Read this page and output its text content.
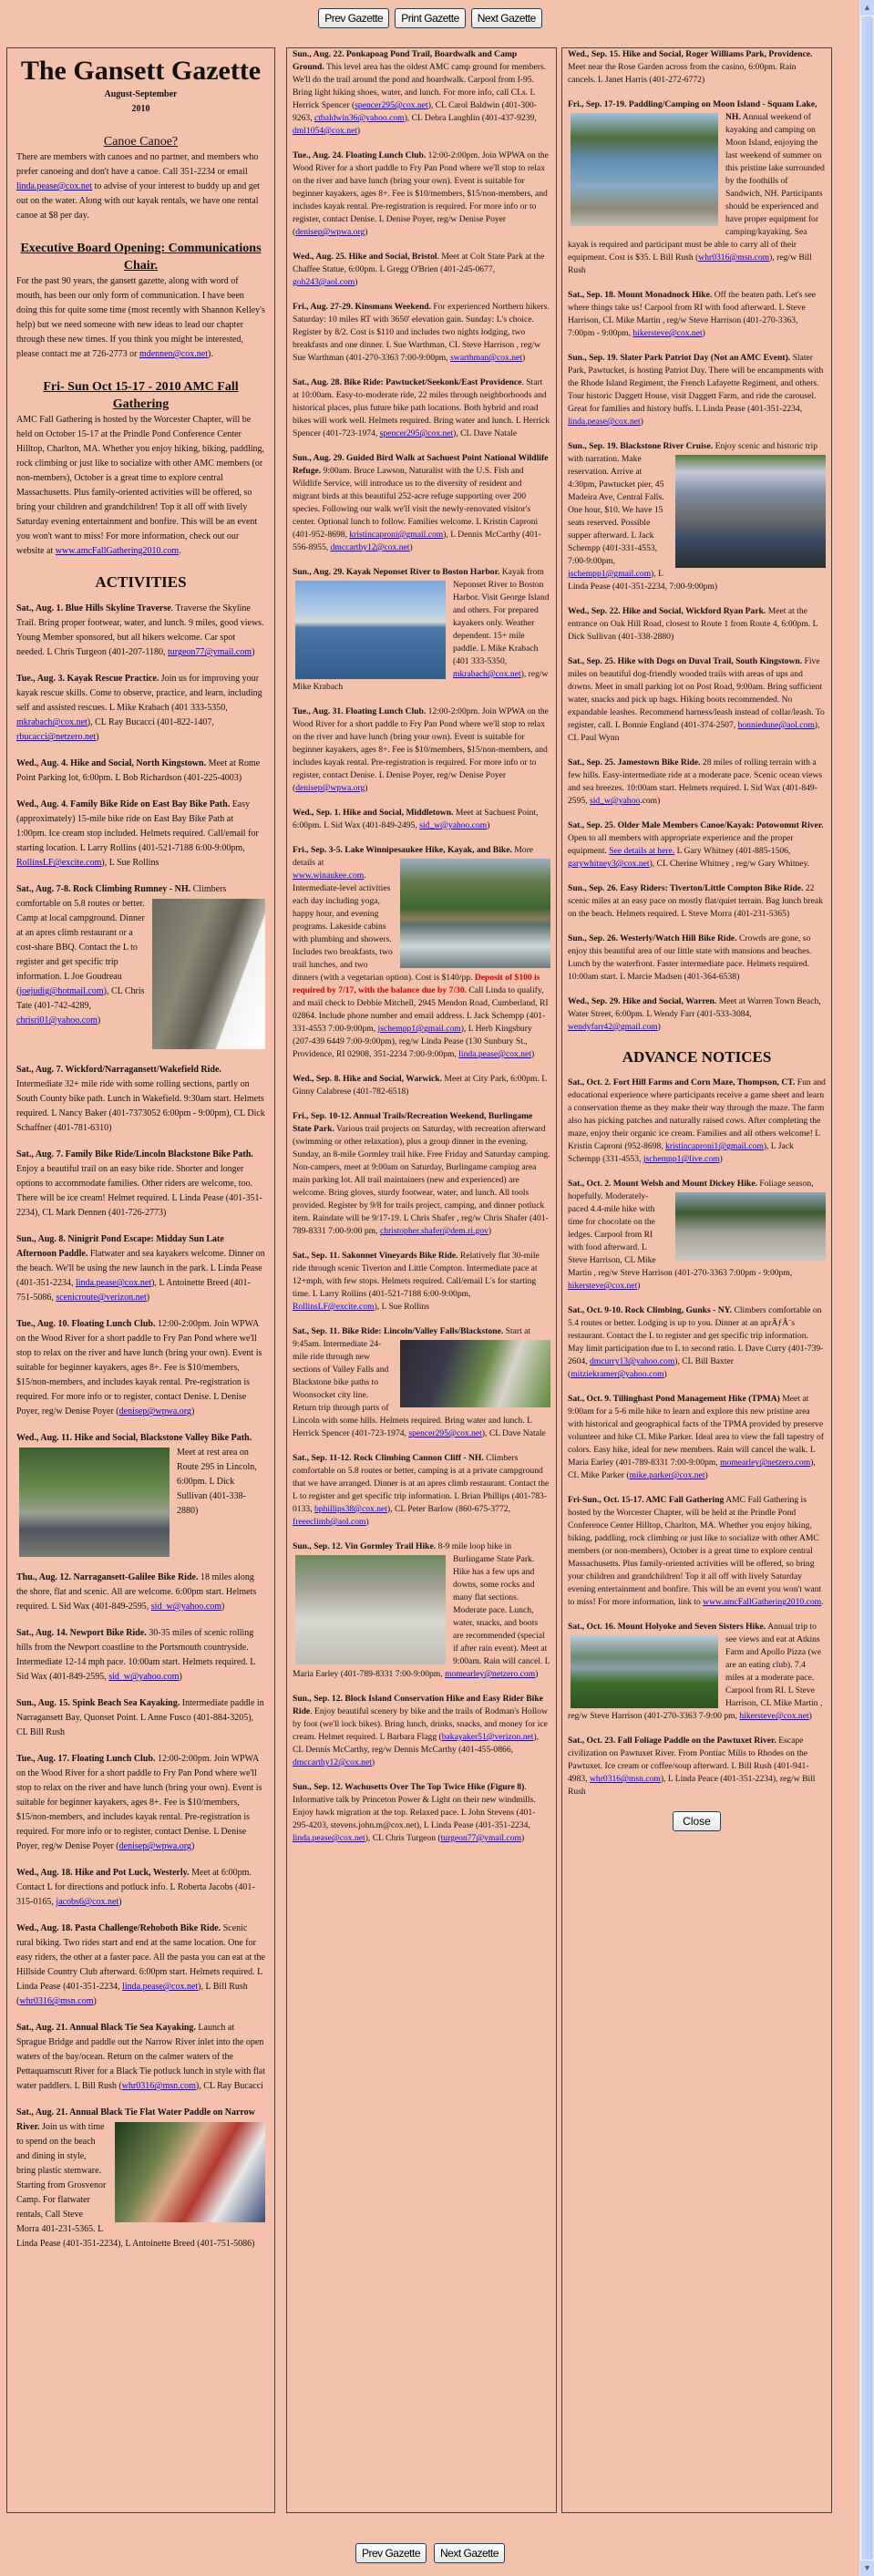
Prev Gazette	Print Gazette	Next Gazette
The Gansett Gazette

August-September

2010

Canoe Canoe?

There are members with canoes and no partner, and members who prefer canoeing and don't have a canoe. Call 351-2234 or email linda.pease@cox.net to advise of your interest to buddy up and get out on the water. Along with our kayak rentals, we have one rental canoe at $8 per day.

Executive Board Opening: Communications Chair.

For the past 90 years, the gansett gazette, along with word of mouth, has been our only form of communication. I have been doing this for quite some time (most recently with Shannon Kelley's help) but we need someone with new ideas to lead our chapter through these new times. If you think you might be interested, please contact me at 726-2773 or mdennen@cox.net).

Fri- Sun Oct 15-17 - 2010 AMC Fall Gathering

AMC Fall Gathering is hosted by the Worcester Chapter, will be held on October 15-17 at the Prindle Pond Conference Center Hilltop, Charlton, MA. Whether you enjoy hiking, biking, paddling, rock climbing or just like to socialize with other AMC members (or non-members), October is a great time to explore central Massachusetts. Plus family-oriented activities will be offered, so bring your children and grandchildren! Top it all off with lively Saturday evening entertainment and bonfire. This will be an event you won't want to miss! For more information, check out our website at www.amcFallGathering2010.com.

ACTIVITIES

Sat., Aug. 1. Blue Hills Skyline Traverse. Traverse the Skyline Trail. Bring proper footwear, water, and lunch. 9 miles, good views. Young Member sponsored, but all hikers welcome. Car spot needed. L Chris Turgeon (401-207-1180, turgeon77@ymail.com)

Tue., Aug. 3. Kayak Rescue Practice. Join us for improving your kayak rescue skills. Come to observe, practice, and learn, including self and assisted rescues. L Mike Krabach (401 333-5350, mkrabach@cox.net), CL Ray Bucacci (401-822-1407, rbucacci@netzero.net)

Wed., Aug. 4. Hike and Social, North Kingstown. Meet at Rome Point Parking lot, 6:00pm. L Bob Richardson (401-225-4003)

Wed., Aug. 4. Family Bike Ride on East Bay Bike Path. Easy (approximately) 15-mile bike ride on East Bay Bike Path at 1:00pm. Ice cream stop included. Helmets required. Call/email for starting location. L Larry Rollins (401-521-7188 6:00-9:00pm, RollinsLF@excite.com), L Sue Rollins

Sat., Aug. 7-8. Rock Climbing Rumney - NH.
Climbers comfortable on 5.8 routes or better. Camp at local campground. Dinner at an apres climb restaurant or a cost-share BBQ. Contact the L to register and get specific trip information. L Joe Goudreau (joejudig@hotmail.com), CL Chris Tate (401-742-4289, chrisri01@yahoo.com)

Sat., Aug. 7. Wickford/Narragansett/Wakefield Ride. Intermediate 32+ mile ride with some rolling sections, partly on South County bike path. Lunch in Wakefield. 9:30am start. Helmets required. L Nancy Baker (401-7373052 6:00pm - 9:00pm), CL Dick Schaffner (401-781-6310)

Sat., Aug. 7. Family Bike Ride/Lincoln Blackstone Bike Path. Enjoy a beautiful trail on an easy bike ride. Shorter and longer options to accommodate families. Other riders are welcome, too. There will be ice cream! Helmet required. L Linda Pease (401-351-2234), CL Mark Dennen (401-726-2773)

Sun., Aug. 8. Ninigrit Pond Escape: Midday Sun Late Afternoon Paddle. Flatwater and sea kayakers welcome. Dinner on the beach. We'll be using the new launch in the park. L Linda Pease (401-351-2234, linda.pease@cox.net), L Antoinette Breed (401-751-5086, scenicroute@verizon.net)

Tue., Aug. 10. Floating Lunch Club. 12:00-2:00pm. Join WPWA on the Wood River for a short paddle to Fry Pan Pond where we'll stop to relax on the river and have lunch (bring your own). Event is suitable for beginner kayakers, ages 8+. Fee is $10/members, $15/non-members, and includes kayak rental. Pre-registration is required. For more info or to register, contact Denise. L Denise Poyer, reg/w Denise Poyer (denisep@wpwa.org)

Wed., Aug. 11. Hike and Social, Blackstone Valley Bike Path.
Meet at rest area on Route 295 in Lincoln, 6:00pm. L Dick Sullivan (401-338-2880)

Thu., Aug. 12. Narragansett-Galilee Bike Ride. 18 miles along the shore, flat and scenic. All are welcome. 6:00pm start. Helmets required. L Sid Wax (401-849-2595, sid_w@yahoo.com)

Sat., Aug. 14. Newport Bike Ride. 30-35 miles of scenic rolling hills from the Newport coastline to the Portsmouth countryside. Intermediate 12-14 mph pace. 10:00am start. Helmets required. L Sid Wax (401-849-2595, sid_w@yahoo.com)

Sun., Aug. 15. Spink Beach Sea Kayaking. Intermediate paddle in Narragansett Bay, Quonset Point. L Anne Fusco (401-884-3205), CL Bill Rush

Tue., Aug. 17. Floating Lunch Club. 12:00-2:00pm. Join WPWA on the Wood River for a short paddle to Fry Pan Pond where we'll stop to relax on the river and have lunch (bring your own). Event is suitable for beginner kayakers, ages 8+. Fee is $10/members, $15/non-members, and includes kayak rental. Pre-registration is required. For more info or to register, contact Denise. L Denise Poyer, reg/w Denise Poyer (denisep@wpwa.org)

Wed., Aug. 18. Hike and Pot Luck, Westerly. Meet at 6:00pm. Contact L for directions and potluck info. L Roberta Jacobs (401-315-0165, jacobs6@cox.net)

Wed., Aug. 18. Pasta Challenge/Rehoboth Bike Ride. Scenic rural biking. Two rides start and end at the same location. One for easy riders, the other at a faster pace. All the pasta you can eat at the Hillside Country Club afterward. 6:00pm start. Helmets required. L Linda Pease (401-351-2234, linda.pease@cox.net), L Bill Rush (whr0316@msn.com)

Sat., Aug. 21. Annual Black Tie Sea Kayaking. Launch at Sprague Bridge and paddle out the Narrow River inlet into the open waters of the bay/ocean. Return on the calmer waters of the Pettaquamscutt River for a Black Tie potluck lunch in style with flat water paddlers. L Bill Rush (whr0316@msn.com), CL Ray Bucacci

Sat., Aug. 21. Annual Black Tie Flat Water Paddle on Narrow River.
Join us with time to spend on the beach and dining in style, bring plastic stemware. Starting from Grosvenor Camp. For flatwater rentals, Call Steve Morra 401-231-5365. L Linda Pease (401-351-2234), L Antoinette Breed (401-751-5086)

Sun., Aug. 22. Ponkapoag Pond Trail, Boardwalk and Camp Ground. This level area has the oldest AMC camp ground for members. We'll do the trail around the pond and boardwalk. Carpool from I-95. Bring light hiking shoes, water, and lunch. For more info, call CLs. L Herrick Spencer (spencer295@cox.net), CL Carol Baldwin (401-300-9263, ctbaldwin36@yahoo.com), CL Debra Laughlin (401-437-9239, dml1054@cox.net)

Tue., Aug. 24. Floating Lunch Club. 12:00-2:00pm. Join WPWA on the Wood River for a short paddle to Fry Pan Pond where we'll stop to relax on the river and have lunch (bring your own). Event is suitable for beginner kayakers, ages 8+. Fee is $10/members, $15/non-members, and includes kayak rental. Pre-registration is required. For more info or to register, contact Denise. L Denise Poyer, reg/w Denise Poyer (denisep@wpwa.org)

Wed., Aug. 25. Hike and Social, Bristol. Meet at Colt State Park at the Chaffee Statue, 6:00pm. L Gregg O'Brien (401-245-0677, goh243@aol.com)

Fri., Aug. 27-29. Kinsmans Weekend. For experienced Northern hikers. Saturday: 10 miles RT with 3650' elevation gain. Sunday: L's choice. Register by 8/2. Cost is $110 and includes two nights lodging, two breakfasts and one dinner. L Sue Warthman, CL Steve Harrison , reg/w Sue Warthman (401-270-3363 7:00-9:00pm, swarthman@cox.net)

Sat., Aug. 28. Bike Ride: Pawtucket/Seekonk/East Providence. Start at 10:00am. Easy-to-moderate ride, 22 miles through neighborhoods and historical places, plus future bike path locations. Both hybrid and road bikes will work well. Helmets required. Bring water and lunch. L Herrick Spencer (401-723-1974, spencer295@cox.net), CL Dave Natale

Sun., Aug. 29. Guided Bird Walk at Sachuest Point National Wildlife Refuge. 9:00am. Bruce Lawson, Naturalist with the U.S. Fish and Wildlife Service, will introduce us to the diversity of resident and migrant birds at this beautiful 252-acre refuge supporting over 200 species. Following our walk we'll visit the newly-renovated visitor's center. Optional lunch to follow. Families welcome. L Kristin Caproni (401-952-8698, kristincaproni@gmail.com), L Dennis McCarthy (401-556-8955, dmccarthy12@cox.net)

Sun., Aug. 29. Kayak Neponset River to Boston Harbor.
Kayak from Neponset River to Boston Harbor. Visit George Island and others. For prepared kayakers only. Weather dependent. 15+ mile paddle. L Mike Krabach (401 333-5350, mkrabach@cox.net), reg/w Mike Krabach

Tue., Aug. 31. Floating Lunch Club. 12:00-2:00pm. Join WPWA on the Wood River for a short paddle to Fry Pan Pond where we'll stop to relax on the river and have lunch (bring your own). Event is suitable for beginner kayakers, ages 8+. Fee is $10/members, $15/non-members, and includes kayak rental. Pre-registration is required. For more info or to register, contact Denise. L Denise Poyer, reg/w Denise Poyer (denisep@wpwa.org)

Wed., Sep. 1. Hike and Social, Middletown. Meet at Sachuest Point, 6:00pm. L Sid Wax (401-849-2495, sid_w@yahoo.com)

Fri., Sep. 3-5. Lake Winnipesaukee Hike, Kayak, and Bike.
More details at www.winaukee.com. Intermediate-level activities each day including yoga, happy hour, and evening programs. Lakeside cabins with plumbing and showers. Includes two breakfasts, two trail lunches, and two dinners (with a vegetarian option). Cost is $140/pp. Deposit of $100 is required by 7/17, with the balance due by 7/30. Call Linda to qualify, and mail check to Debbie Mitchell, 2945 Mendon Road, Cumberland, RI 02864. Include phone number and email address. L Jack Schempp (401-331-4553 7:00-9:00pm, jschempp1@gmail.com), L Herb Kingsbury (207-439 6449 7:00-9:00pm), reg/w Linda Pease (130 Sunbury St., Providence, RI 02908, 351-2234 7:00-9:00pm, linda.pease@cox.net)

Wed., Sep. 8. Hike and Social, Warwick. Meet at City Park, 6:00pm. L Ginny Calabrese (401-782-6518)

Fri., Sep. 10-12. Annual Trails/Recreation Weekend, Burlingame State Park. Various trail projects on Saturday, with recreation afterward (swimming or other relaxation), plus a group dinner in the evening. Sunday, an 8-mile Gormley trail hike. Free Friday and Saturday camping. Non-campers, meet at 9:00am on Saturday, Burlingame camping area main parking lot. All trail maintainers (new and experienced) are welcome. Bring gloves, sturdy footwear, water, and lunch. All tools provided. Register by 9/8 for trails project, camping, and dinner potluck item. Raindate will be 9/17-19. L Chris Shafer , reg/w Chris Shafer (401-789-8331 7:00-9:00 pm, christopher.shafer@dem.ri.gov)

Sat., Sep. 11. Sakonnet Vineyards Bike Ride. Relatively flat 30-mile ride through scenic Tiverton and Little Compton. Intermediate pace at 12+mph, with few stops. Helmets required. Call/email L's for starting time. L Larry Rollins (401-521-7188 6:00-9:00pm, RollinsLF@excite.com), L Sue Rollins

Sat., Sep. 11. Bike Ride: Lincoln/Valley Falls/Blackstone.
Start at 9:45am. Intermediate 24-mile ride through new sections of Valley Falls and Blackstone bike paths to Woonsocket city line. Return trip through parts of Lincoln with some hills. Helmets required. Bring water and lunch. L Herrick Spencer (401-723-1974, spencer295@cox.net), CL Dave Natale

Sat., Sep. 11-12. Rock Climbing Cannon Cliff - NH. Climbers comfortable on 5.8 routes or better, camping is at a private campground that we have arranged. Dinner is at an apres climb restaurant. Contact the L to register and get specific trip information. L Brian Phillips (401-783-0133, bphillips38@cox.net), CL Peter Barlow (860-675-3772, freeeclimb@aol.com)

Sun., Sep. 12. Vin Gormley Trail Hike.
8-9 mile loop hike in Burlingame State Park. Hike has a few ups and downs, some rocks and many flat sections. Moderate pace. Lunch, water, snacks, and boots are recommended (special if after rain event). Meet at 9:00am. Rain will cancel. L Maria Earley (401-789-8331 7:00-9:00pm, momearley@netzero.com)

Sun., Sep. 12. Block Island Conservation Hike and Easy Rider Bike Ride. Enjoy beautiful scenery by bike and the trails of Rodman's Hollow by foot (we'll lock bikes). Bring lunch, drinks, snacks, and money for ice cream. Helmet required. L Barbara Flagg (bakayaker51@verizon.net), CL Dennis McCarthy, reg/w Dennis McCarthy (401-455-0866, dmccarthy12@cox.net)

Sun., Sep. 12. Wachusetts Over The Top Twice Hike (Figure 8). Informative talk by Princeton Power & Light on their new windmills. Enjoy hawk migration at the top. Relaxed pace. L John Stevens (401-295-4203, stevens.john.m@cox.net), L Linda Pease (401-351-2234, linda.pease@cox.net), CL Chris Turgeon (turgeon77@ymail.com)

Wed., Sep. 15. Hike and Social, Roger Williams Park, Providence. Meet near the Rose Garden across from the casino, 6:00pm. Rain cancels. L Janet Harris (401-272-6772)

Fri., Sep. 17-19. Paddling/Camping on Moon Island - Squam Lake, NH.
Annual weekend of kayaking and camping on Moon Island, enjoying the last weekend of summer on this pristine lake surrounded by the foothills of Sandwich, NH. Participants should be experienced and have proper equipment for camping/kayaking. Sea kayak is required and participant must be able to carry all of their equipment. Cost is $35. L Bill Rush (whr0316@msn.com), reg/w Bill Rush

Sat., Sep. 18. Mount Monadnock Hike. Off the beaten path. Let's see where things take us! Carpool from RI with food afterward. L Steve Harrison, CL Mike Martin , reg/w Steve Harrison (401-270-3363, 7:00pm - 9:00pm, hikersteve@cox.net)

Sun., Sep. 19. Slater Park Patriot Day (Not an AMC Event). Slater Park, Pawtucket, is hosting Patriot Day. There will be encampments with the Rhode Island Regiment, the French Lafayette Regiment, and others. Tour historic Daggett House, visit Daggett Farm, and ride the carousel. Great for families and history buffs. L Linda Pease (401-351-2234, linda.pease@cox.net)

Sun., Sep. 19. Blackstone River Cruise.
Enjoy scenic and historic trip with narration. Make reservation. Arrive at 4:30pm, Pawtucket pier, 45 Madeira Ave, Central Falls. One hour, $10. We have 15 seats reserved. Possible supper afterward. L Jack Schempp (401-331-4553, 7:00-9:00pm, jschempp1@gmail.com), L Linda Pease (401-351-2234, 7:00-9:00pm)

Wed., Sep. 22. Hike and Social, Wickford Ryan Park. Meet at the entrance on Oak Hill Road, closest to Route 1 from Route 4, 6:00pm. L Dick Sullivan (401-338-2880)

Sat., Sep. 25. Hike with Dogs on Duval Trail, South Kingstown. Five miles on beautiful dog-friendly wooded trails with areas of ups and downs. Meet in small parking lot on Post Road, 9:00am. Bring sufficient water, snacks and pick up bags. Hiking boots recommended. No expandable leashes. Recommend harness/leash instead of collar/leash. To register, call. L Bonnie England (401-374-2507, bonniedune@aol.com), CL Paul Wynn

Sat., Sep. 25. Jamestown Bike Ride. 28 miles of rolling terrain with a few hills. Easy-intermediate ride at a moderate pace. Scenic ocean views and sea breezes. 10:00am start. Helmets required. L Sid Wax (401-849-2595, sid_w@yahoo.com)

Sat., Sep. 25. Older Male Members Canoe/Kayak: Potowomut River. Open to all members with appropriate experience and the proper equipment. See details at here. L Gary Whitney (401-885-1506, garywhitney3@cox.net), CL Cherine Whitney , reg/w Gary Whitney.

Sun., Sep. 26. Easy Riders: Tiverton/Little Compton Bike Ride. 22 scenic miles at an easy pace on mostly flat/quiet terrain. Bag lunch break on the beach. Helmets required. L Steve Morra (401-231-5365)

Sun., Sep. 26. Westerly/Watch Hill Bike Ride. Crowds are gone, so enjoy this beautiful area of our little state with mansions and beaches. Lunch by the waterfront. Faster intermediate pace. Helmets required. 10:00am start. L Marcie Madsen (401-364-6538)

Wed., Sep. 29. Hike and Social, Warren. Meet at Warren Town Beach, Water Street, 6:00pm. L Wendy Farr (401-533-3084, wendyfarr42@gmail.com)

ADVANCE NOTICES

Sat., Oct. 2. Fort Hill Farms and Corn Maze, Thompson, CT. Fun and educational experience where participants receive a game sheet and learn a conservation theme as they make their way through the maze. The farm also has picking patches and naturally raised cows. After completing the maze, enjoy their organic ice cream. Families and all others welcome! L Kristin Caproni (952-8698, kristincaproni1@gmail.com), L Jack Schempp (331-4553, jschempp1@live.com)

Sat., Oct. 2. Mount Welsh and Mount Dickey Hike.
Foliage season, hopefully. Moderately-paced 4.4-mile hike with time for chocolate on the ledges. Carpool from RI with food afterward. L Steve Harrison, CL Mike Martin , reg/w Steve Harrison (401-270-3363 7:00pm - 9:00pm, hikersteve@cox.net)

Sat., Oct. 9-10. Rock Climbing, Gunks - NY. Climbers comfortable on 5.4 routes or better. Lodging is up to you. Dinner at an aprÃƒÂ¨s restaurant. Contact the L to register and get specific trip information. May limit participation due to L to second ratio. L Dave Curry (401-739-2604, dmcurry13@yahoo.com), CL Bill Baxter (mitziekramer@yahoo.com)

Sat., Oct. 9. Tillinghast Pond Management Hike (TPMA) Meet at 9:00am for a 5-6 mile hike to learn and explore this new pristine area with historical and geographical facts of the TPMA provided by preserve volunteer and hike CL Mike Parker. Ideal area to view the fall tapestry of colors. Easy hike, ideal for new members. Rain will cancel the walk. L Maria Earley (401-789-8331 7:00-9:00pm, momearley@netzero.com), CL Mike Parker (mike.parker@cox.net)

Fri-Sun., Oct. 15-17. AMC Fall Gathering AMC Fall Gathering is hosted by the Worcester Chapter, will be held at the Prindle Pond Conference Center Hilltop, Charlton, MA. Whether you enjoy hiking, biking, paddling, rock climbing or just like to socialize with other AMC members (or non-members), October is a great time to explore central Massachusetts. Plus family-oriented activities will be offered, so bring your children and grandchildren! Top it all off with lively Saturday evening entertainment and bonfire. This will be an event you won't want to miss! For more information, link to www.amcFallGathering2010.com.

Sat., Oct. 16. Mount Holyoke and Seven Sisters Hike.
Annual trip to see views and eat at Atkins Farm and Apollo Pizza (we are an eating club). 7.4 miles at a moderate pace. Carpool from RI. L Steve Harrison, CL Mike Martin , reg/w Steve Harrison (401-270-3363 7-9:00 pm, hikersteve@cox.net)

Sat., Oct. 23. Fall Foliage Paddle on the Pawtuxet River. Escape civilization on Pawtuxet River. From Pontiac Mills to Rhodes on the Pawtuxet. Ice cream or coffee/soup afterward. L Bill Rush (401-941-4983, whr0316@msn.com), L Linda Peace (401-351-2234), reg/w Bill Rush

Close
Prev Gazette	Next Gazette
▲
▼
